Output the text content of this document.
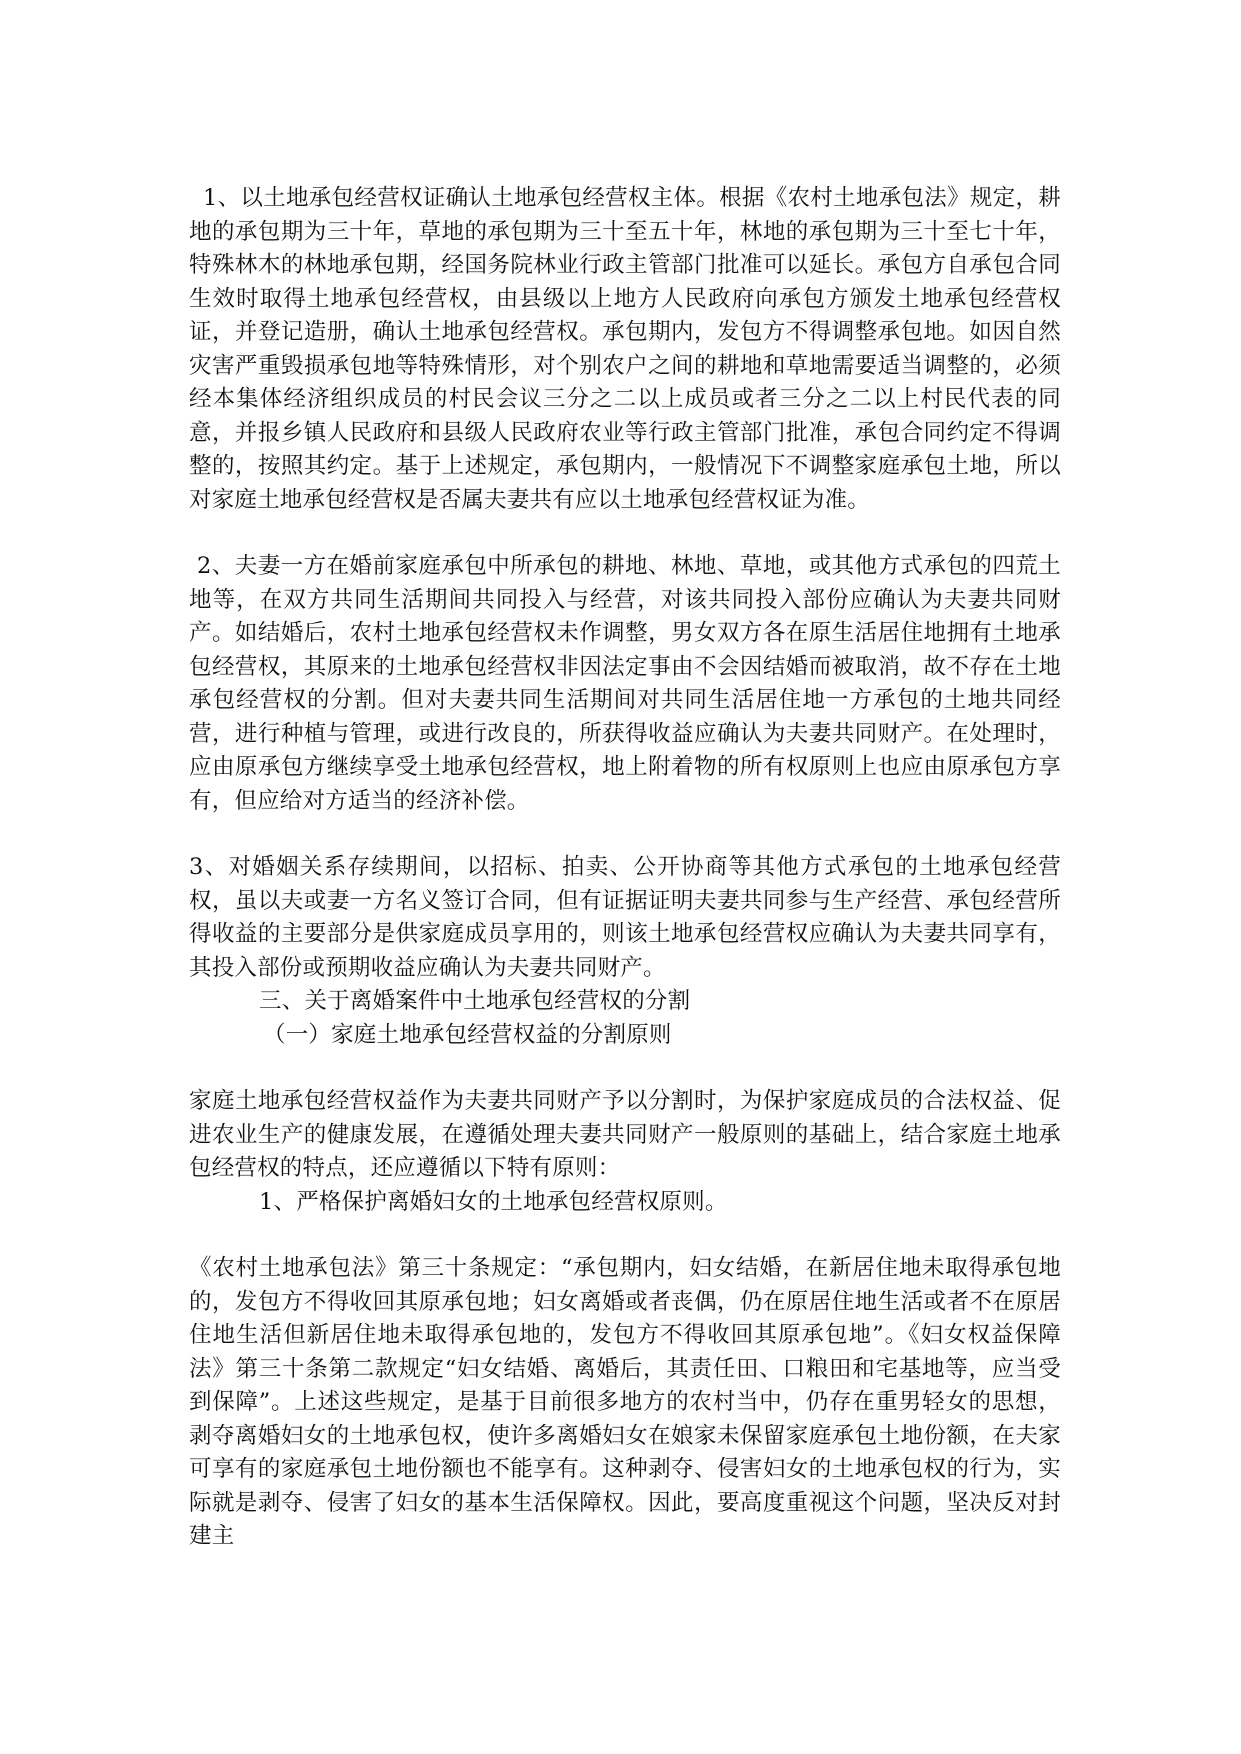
1、以土地承包经营权证确认土地承包经营权主体。根据《农村土地承包法》规定，耕地的承包期为三十年，草地的承包期为三十至五十年，林地的承包期为三十至七十年，特殊林木的林地承包期，经国务院林业行政主管部门批准可以延长。承包方自承包合同生效时取得土地承包经营权，由县级以上地方人民政府向承包方颁发土地承包经营权证，并登记造册，确认土地承包经营权。承包期内，发包方不得调整承包地。如因自然灾害严重毁损承包地等特殊情形，对个别农户之间的耕地和草地需要适当调整的，必须经本集体经济组织成员的村民会议三分之二以上成员或者三分之二以上村民代表的同意，并报乡镇人民政府和县级人民政府农业等行政主管部门批准，承包合同约定不得调整的，按照其约定。基于上述规定，承包期内，一般情况下不调整家庭承包土地，所以对家庭土地承包经营权是否属夫妻共有应以土地承包经营权证为准。

2、夫妻一方在婚前家庭承包中所承包的耕地、林地、草地，或其他方式承包的四荒土地等，在双方共同生活期间共同投入与经营，对该共同投入部份应确认为夫妻共同财产。如结婚后，农村土地承包经营权未作调整，男女双方各在原生活居住地拥有土地承包经营权，其原来的土地承包经营权非因法定事由不会因结婚而被取消，故不存在土地承包经营权的分割。但对夫妻共同生活期间对共同生活居住地一方承包的土地共同经营，进行种植与管理，或进行改良的，所获得收益应确认为夫妻共同财产。在处理时，应由原承包方继续享受土地承包经营权，地上附着物的所有权原则上也应由原承包方享有，但应给对方适当的经济补偿。

3、对婚姻关系存续期间，以招标、拍卖、公开协商等其他方式承包的土地承包经营权，虽以夫或妻一方名义签订合同，但有证据证明夫妻共同参与生产经营、承包经营所得收益的主要部分是供家庭成员享用的，则该土地承包经营权应确认为夫妻共同享有，其投入部份或预期收益应确认为夫妻共同财产。

三、关于离婚案件中土地承包经营权的分割

（一）家庭土地承包经营权益的分割原则

家庭土地承包经营权益作为夫妻共同财产予以分割时，为保护家庭成员的合法权益、促进农业生产的健康发展，在遵循处理夫妻共同财产一般原则的基础上，结合家庭土地承包经营权的特点，还应遵循以下特有原则：

1、严格保护离婚妇女的土地承包经营权原则。

《农村土地承包法》第三十条规定：“承包期内，妇女结婚，在新居住地未取得承包地的，发包方不得收回其原承包地；妇女离婚或者丧偶，仍在原居住地生活或者不在原居住地生活但新居住地未取得承包地的，发包方不得收回其原承包地”。《妇女权益保障法》第三十条第二款规定“妇女结婚、离婚后，其责任田、口粮田和宅基地等，应当受到保障”。上述这些规定，是基于目前很多地方的农村当中，仍存在重男轻女的思想，剥夺离婚妇女的土地承包权，使许多离婚妇女在娘家未保留家庭承包土地份额，在夫家可享有的家庭承包土地份额也不能享有。这种剥夺、侵害妇女的土地承包权的行为，实际就是剥夺、侵害了妇女的基本生活保障权。因此，要高度重视这个问题，坚决反对封建主
